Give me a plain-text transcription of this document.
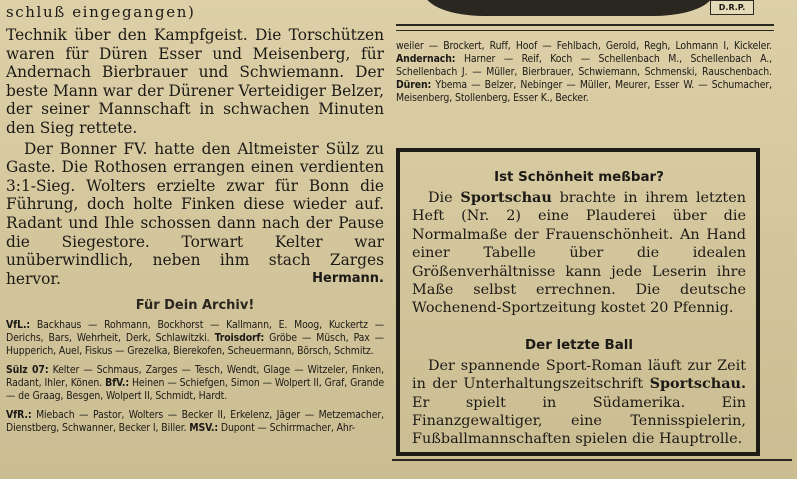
schluß eingegangen)

Technik über den Kampfgeist. Die Torschützen waren für Düren Esser und Meisenberg, für Andernach Bierbrauer und Schwiemann. Der beste Mann war der Dürener Verteidiger Belzer, der seiner Mannschaft in schwachen Minuten den Sieg rettete.

Der Bonner FV. hatte den Altmeister Sülz zu Gaste. Die Rothosen errangen einen verdienten 3:1-Sieg. Wolters erzielte zwar für Bonn die Führung, doch holte Finken diese wieder auf. Radant und Ihle schossen dann nach der Pause die Siegestore. Torwart Kelter war unüberwindlich, neben ihm stach Zarges hervor.	Hermann.

Für Dein Archiv!

VfL.: Backhaus — Rohmann, Bockhorst — Kallmann, E. Moog, Kuckertz — Derichs, Bars, Wehrheit, Derk, Schlawitzki. Troisdorf: Gröbe — Müsch, Pax — Hupperich, Auel, Fiskus — Grezelka, Bierekofen, Scheuermann, Börsch, Schmitz.

Sülz 07: Kelter — Schmaus, Zarges — Tesch, Wendt, Glage — Witzeler, Finken, Radant, Ihler, Könen. BfV.: Heinen — Schiefgen, Simon — Wolpert II, Graf, Grande — de Graag, Besgen, Wolpert II, Schmidt, Hardt.

VfR.: Miebach — Pastor, Wolters — Becker II, Erkelenz, Jäger — Metzemacher, Dienstberg, Schwanner, Becker I, Biller. MSV.: Dupont — Schirrmacher, Ahr-

D.R.P.

weiler — Brockert, Ruff, Hoof — Fehlbach, Gerold, Regh, Lohmann I, Kickeler. Andernach: Harner — Reif, Koch — Schellenbach M., Schellenbach A., Schellenbach J. — Müller, Bierbrauer, Schwiemann, Schmenski, Rauschenbach. Düren: Ybema — Belzer, Nebinger — Müller, Meurer, Esser W. — Schumacher, Meisenberg, Stollenberg, Esser K., Becker.

Ist Schönheit meßbar?

Die Sportschau brachte in ihrem letzten Heft (Nr. 2) eine Plauderei über die Normalmaße der Frauenschönheit. An Hand einer Tabelle über die idealen Größenverhältnisse kann jede Leserin ihre Maße selbst errechnen. Die deutsche Wochenend-Sportzeitung kostet 20 Pfennig.

Der letzte Ball

Der spannende Sport-Roman läuft zur Zeit in der Unterhaltungszeitschrift Sportschau. Er spielt in Südamerika. Ein Finanzgewaltiger, eine Tennisspielerin, Fußballmannschaften spielen die Hauptrolle.
